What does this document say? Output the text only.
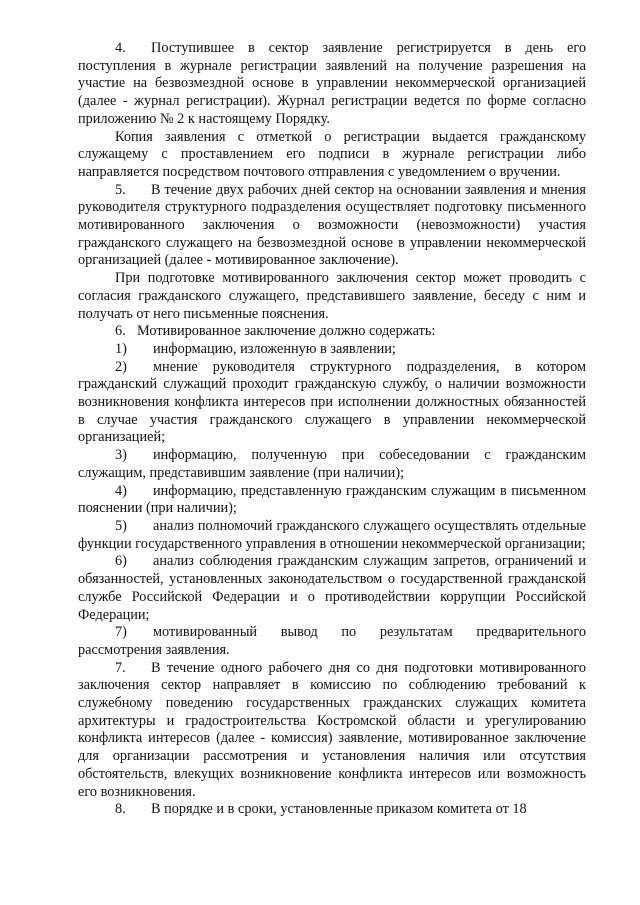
4. Поступившее в сектор заявление регистрируется в день его поступления в журнале регистрации заявлений на получение разрешения на участие на безвозмездной основе в управлении некоммерческой организацией (далее - журнал регистрации). Журнал регистрации ведется по форме согласно приложению № 2 к настоящему Порядку.

Копия заявления с отметкой о регистрации выдается гражданскому служащему с проставлением его подписи в журнале регистрации либо направляется посредством почтового отправления с уведомлением о вручении.

5. В течение двух рабочих дней сектор на основании заявления и мнения руководителя структурного подразделения осуществляет подготовку письменного мотивированного заключения о возможности (невозможности) участия гражданского служащего на безвозмездной основе в управлении некоммерческой организацией (далее - мотивированное заключение).

При подготовке мотивированного заключения сектор может проводить с согласия гражданского служащего, представившего заявление, беседу с ним и получать от него письменные пояснения.

6. Мотивированное заключение должно содержать:

1) информацию, изложенную в заявлении;

2) мнение руководителя структурного подразделения, в котором гражданский служащий проходит гражданскую службу, о наличии возможности возникновения конфликта интересов при исполнении должностных обязанностей в случае участия гражданского служащего в управлении некоммерческой организацией;

3) информацию, полученную при собеседовании с гражданским служащим, представившим заявление (при наличии);

4) информацию, представленную гражданским служащим в письменном пояснении (при наличии);

5) анализ полномочий гражданского служащего осуществлять отдельные функции государственного управления в отношении некоммерческой организации;

6) анализ соблюдения гражданским служащим запретов, ограничений и обязанностей, установленных законодательством о государственной гражданской службе Российской Федерации и о противодействии коррупции Российской Федерации;

7) мотивированный вывод по результатам предварительного рассмотрения заявления.

7. В течение одного рабочего дня со дня подготовки мотивированного заключения сектор направляет в комиссию по соблюдению требований к служебному поведению государственных гражданских служащих комитета архитектуры и градостроительства Костромской области и урегулированию конфликта интересов (далее - комиссия) заявление, мотивированное заключение для организации рассмотрения и установления наличия или отсутствия обстоятельств, влекущих возникновение конфликта интересов или возможность его возникновения.

8. В порядке и в сроки, установленные приказом комитета от 18
